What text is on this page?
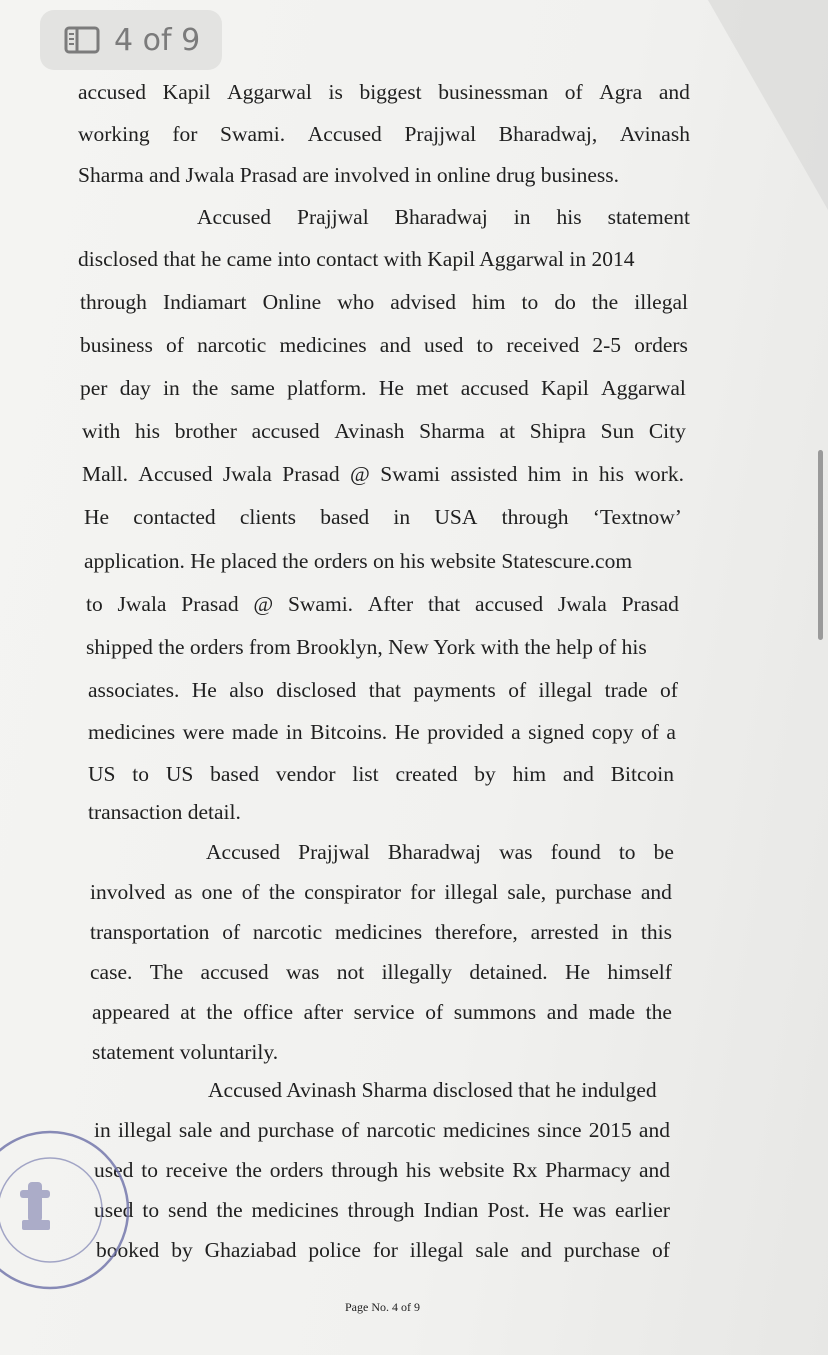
accused Kapil Aggarwal is biggest businessman of Agra and
working for Swami. Accused Prajjwal Bharadwaj, Avinash
Sharma and Jwala Prasad are involved in online drug business.
Accused Prajjwal Bharadwaj in his statement
disclosed that he came into contact with Kapil Aggarwal in 2014
through Indiamart Online who advised him to do the illegal
business of narcotic medicines and used to received 2-5 orders
per day in the same platform. He met accused Kapil Aggarwal
with his brother accused Avinash Sharma at Shipra Sun City
Mall. Accused Jwala Prasad @ Swami assisted him in his work.
He contacted clients based in USA through ‘Textnow’
application. He placed the orders on his website Statescure.com
to Jwala Prasad @ Swami. After that accused Jwala Prasad
shipped the orders from Brooklyn, New York with the help of his
associates. He also disclosed that payments of illegal trade of
medicines were made in Bitcoins. He provided a signed copy of a
US to US based vendor list created by him and Bitcoin
transaction detail.
Accused Prajjwal Bharadwaj was found to be
involved as one of the conspirator for illegal sale, purchase and
transportation of narcotic medicines therefore, arrested in this
case. The accused was not illegally detained. He himself
appeared at the office after service of summons and made the
statement voluntarily.
Accused Avinash Sharma disclosed that he indulged
in illegal sale and purchase of narcotic medicines since 2015 and
used to receive the orders through his website Rx Pharmacy and
used to send the medicines through Indian Post. He was earlier
booked by Ghaziabad police for illegal sale and purchase of
Page No. 4 of 9
4 of 9
